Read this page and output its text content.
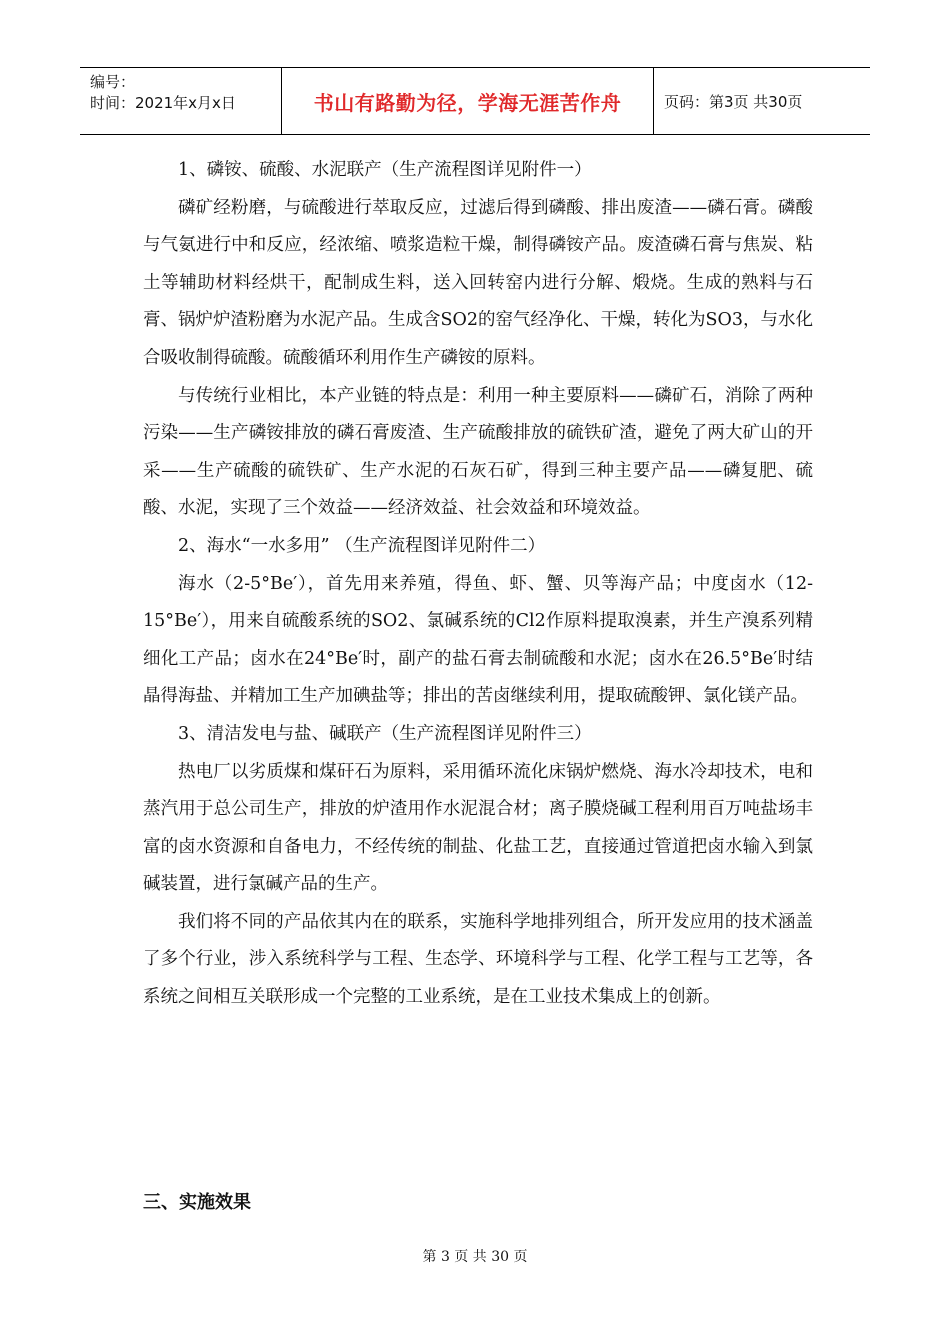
编号：
时间：2021年x月x日	书山有路勤为径，学海无涯苦作舟	页码：第3页 共30页

1、磷铵、硫酸、水泥联产（生产流程图详见附件一）

磷矿经粉磨，与硫酸进行萃取反应，过滤后得到磷酸、排出废渣——磷石膏。磷酸与气氨进行中和反应，经浓缩、喷浆造粒干燥，制得磷铵产品。废渣磷石膏与焦炭、粘土等辅助材料经烘干，配制成生料，送入回转窑内进行分解、煅烧。生成的熟料与石膏、锅炉炉渣粉磨为水泥产品。生成含SO2的窑气经净化、干燥，转化为SO3，与水化合吸收制得硫酸。硫酸循环利用作生产磷铵的原料。

与传统行业相比，本产业链的特点是：利用一种主要原料——磷矿石，消除了两种污染——生产磷铵排放的磷石膏废渣、生产硫酸排放的硫铁矿渣，避免了两大矿山的开采——生产硫酸的硫铁矿、生产水泥的石灰石矿，得到三种主要产品——磷复肥、硫酸、水泥，实现了三个效益——经济效益、社会效益和环境效益。

2、海水“一水多用” （生产流程图详见附件二）

海水（2-5°Be′），首先用来养殖，得鱼、虾、蟹、贝等海产品；中度卤水（12-15°Be′），用来自硫酸系统的SO2、氯碱系统的Cl2作原料提取溴素，并生产溴系列精细化工产品；卤水在24°Be′时，副产的盐石膏去制硫酸和水泥；卤水在26.5°Be′时结晶得海盐、并精加工生产加碘盐等；排出的苦卤继续利用，提取硫酸钾、氯化镁产品。

3、清洁发电与盐、碱联产（生产流程图详见附件三）

热电厂以劣质煤和煤矸石为原料，采用循环流化床锅炉燃烧、海水冷却技术，电和蒸汽用于总公司生产，排放的炉渣用作水泥混合材；离子膜烧碱工程利用百万吨盐场丰富的卤水资源和自备电力，不经传统的制盐、化盐工艺，直接通过管道把卤水输入到氯碱装置，进行氯碱产品的生产。

我们将不同的产品依其内在的联系，实施科学地排列组合，所开发应用的技术涵盖了多个行业，涉入系统科学与工程、生态学、环境科学与工程、化学工程与工艺等，各系统之间相互关联形成一个完整的工业系统，是在工业技术集成上的创新。

三、实施效果
第 3 页 共 30 页
